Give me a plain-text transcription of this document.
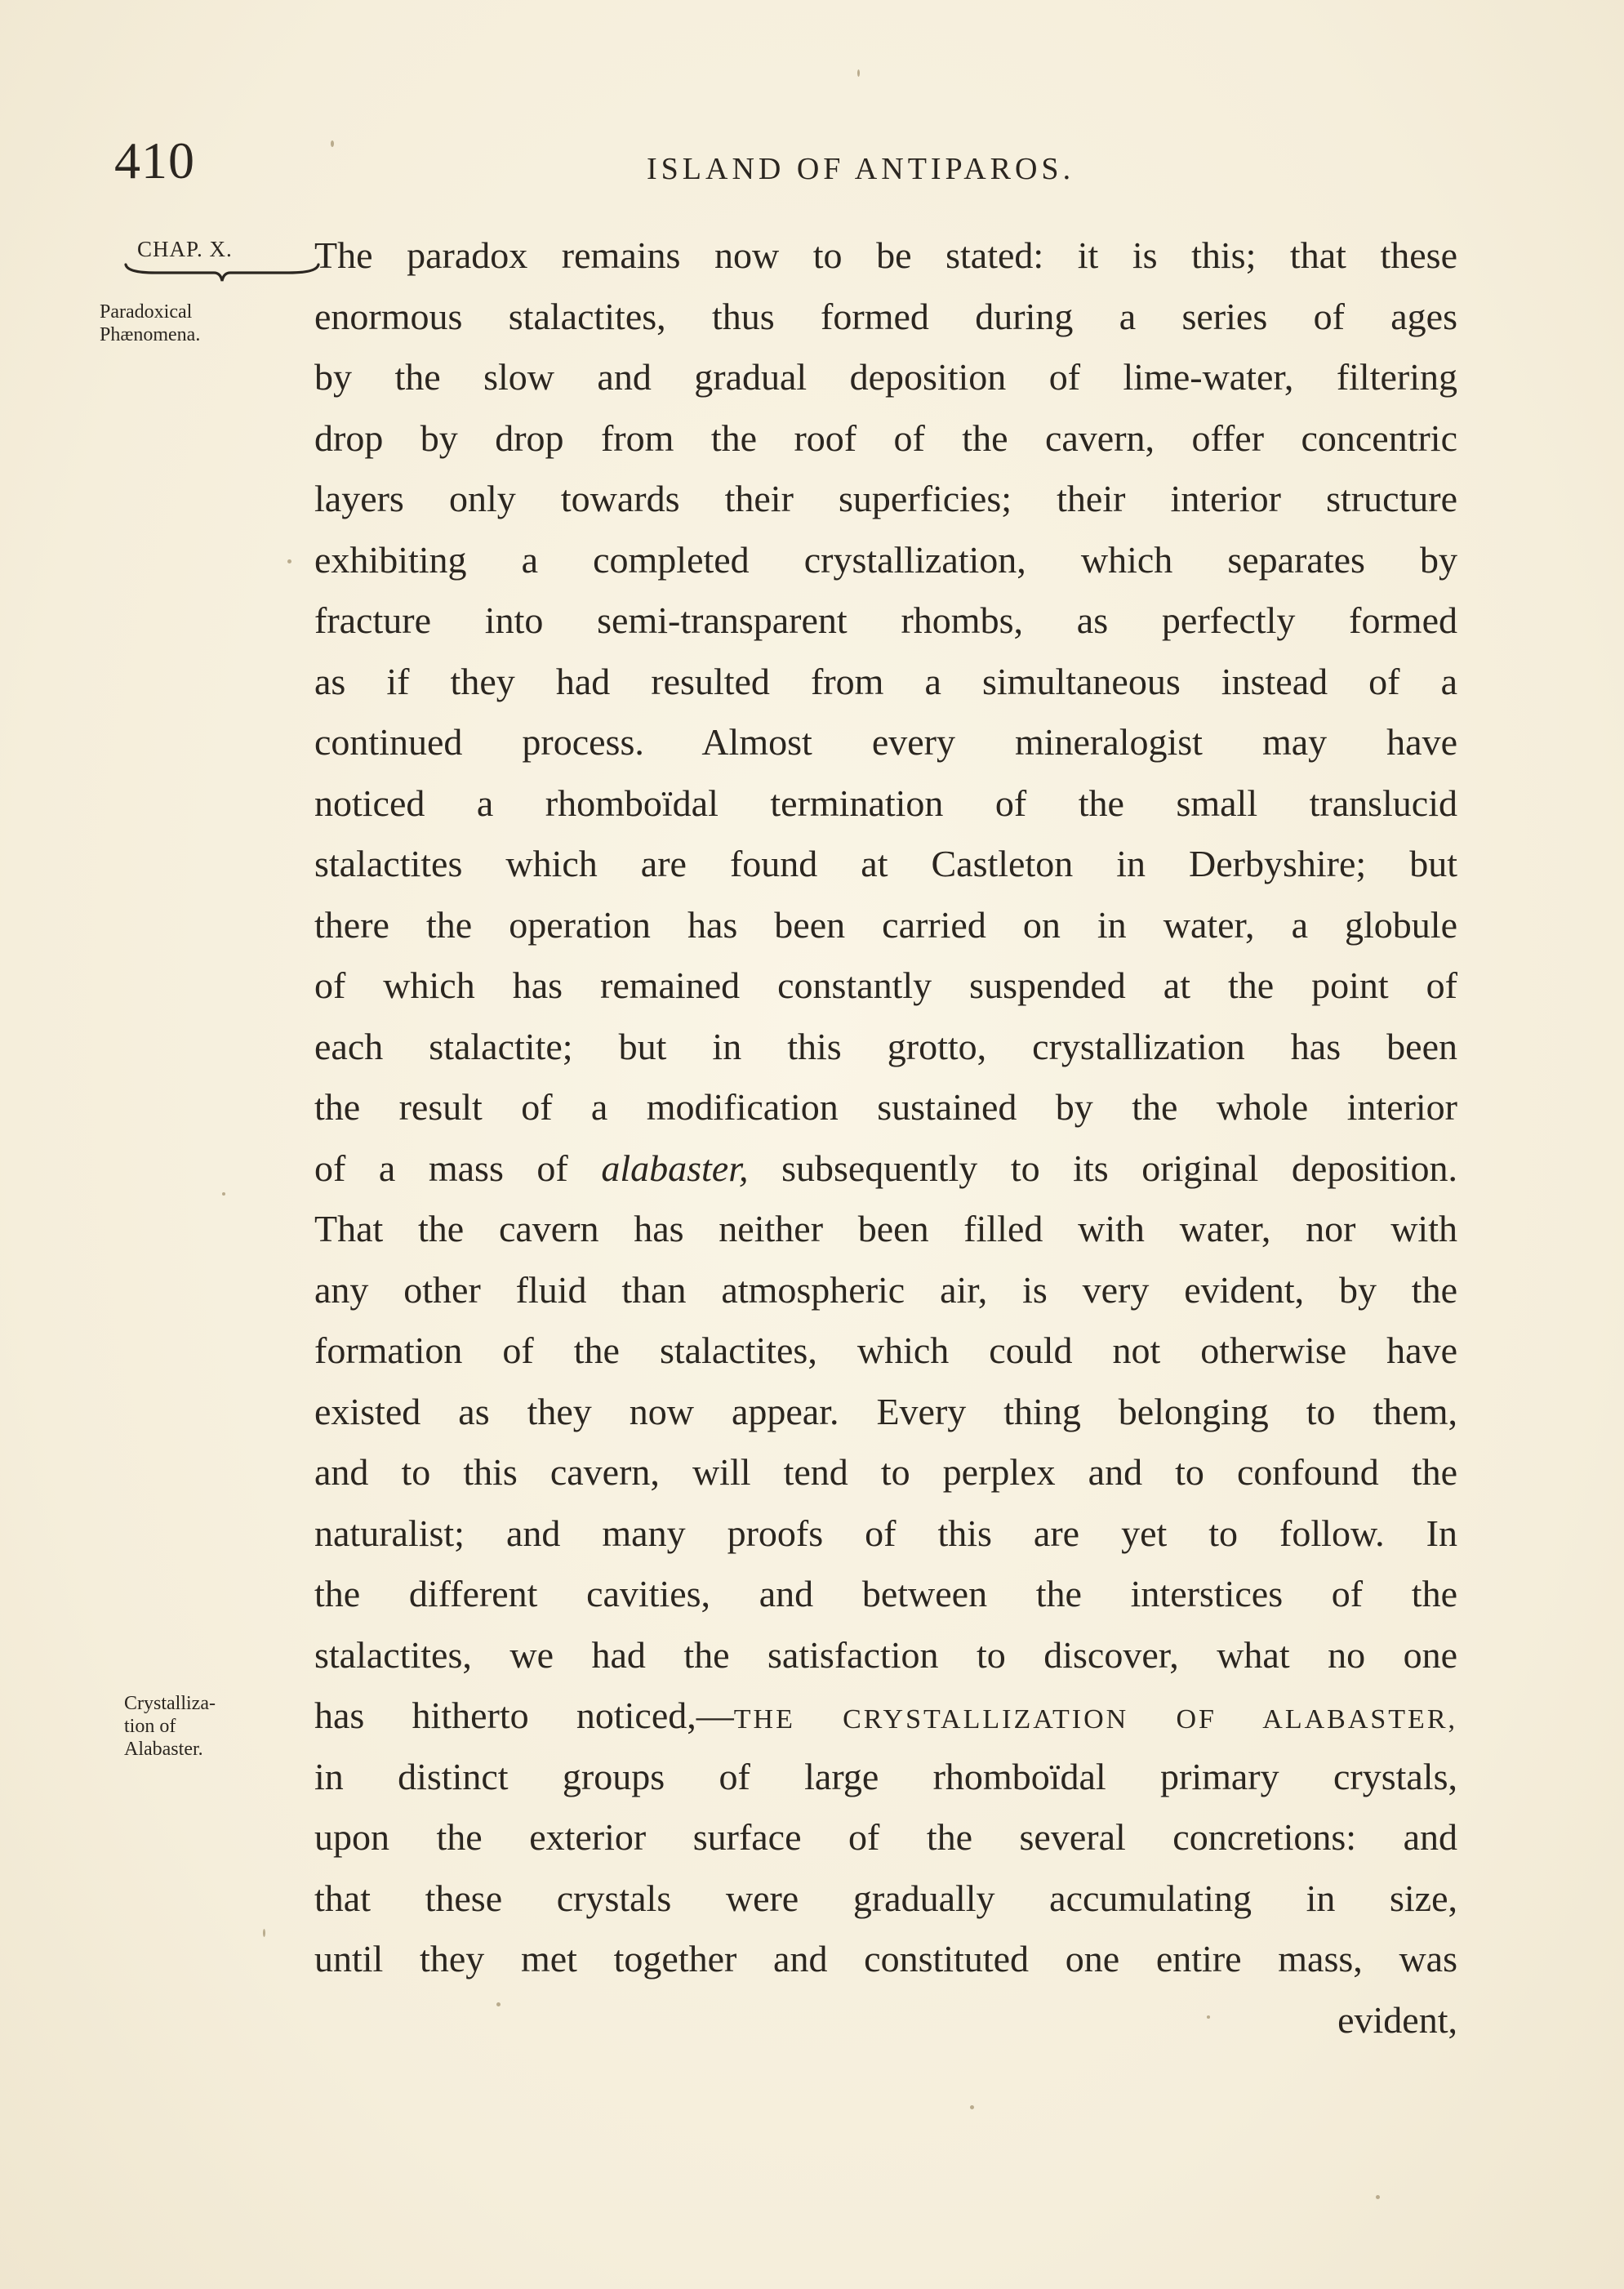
410	ISLAND OF ANTIPAROS.
CHAP. X.
Paradoxical
Phænomena.
Crystalliza-
tion of
Alabaster.
The paradox remains now to be stated: it is this; that these
enormous stalactites, thus formed during a series of ages
by the slow and gradual deposition of lime-water, filtering
drop by drop from the roof of the cavern, offer concentric
layers only towards their superficies; their interior structure
exhibiting a completed crystallization, which separates by
fracture into semi-transparent rhombs, as perfectly formed
as if they had resulted from a simultaneous instead of a
continued process. Almost every mineralogist may have
noticed a rhomboïdal termination of the small translucid
stalactites which are found at Castleton in Derbyshire; but
there the operation has been carried on in water, a globule
of which has remained constantly suspended at the point of
each stalactite; but in this grotto, crystallization has been
the result of a modification sustained by the whole interior
of a mass of alabaster, subsequently to its original deposition.
That the cavern has neither been filled with water, nor with
any other fluid than atmospheric air, is very evident, by the
formation of the stalactites, which could not otherwise have
existed as they now appear. Every thing belonging to them,
and to this cavern, will tend to perplex and to confound the
naturalist; and many proofs of this are yet to follow. In
the different cavities, and between the interstices of the
stalactites, we had the satisfaction to discover, what no one
has hitherto noticed,—THE CRYSTALLIZATION OF ALABASTER,
in distinct groups of large rhomboïdal primary crystals,
upon the exterior surface of the several concretions: and
that these crystals were gradually accumulating in size,
until they met together and constituted one entire mass, was
evident,
